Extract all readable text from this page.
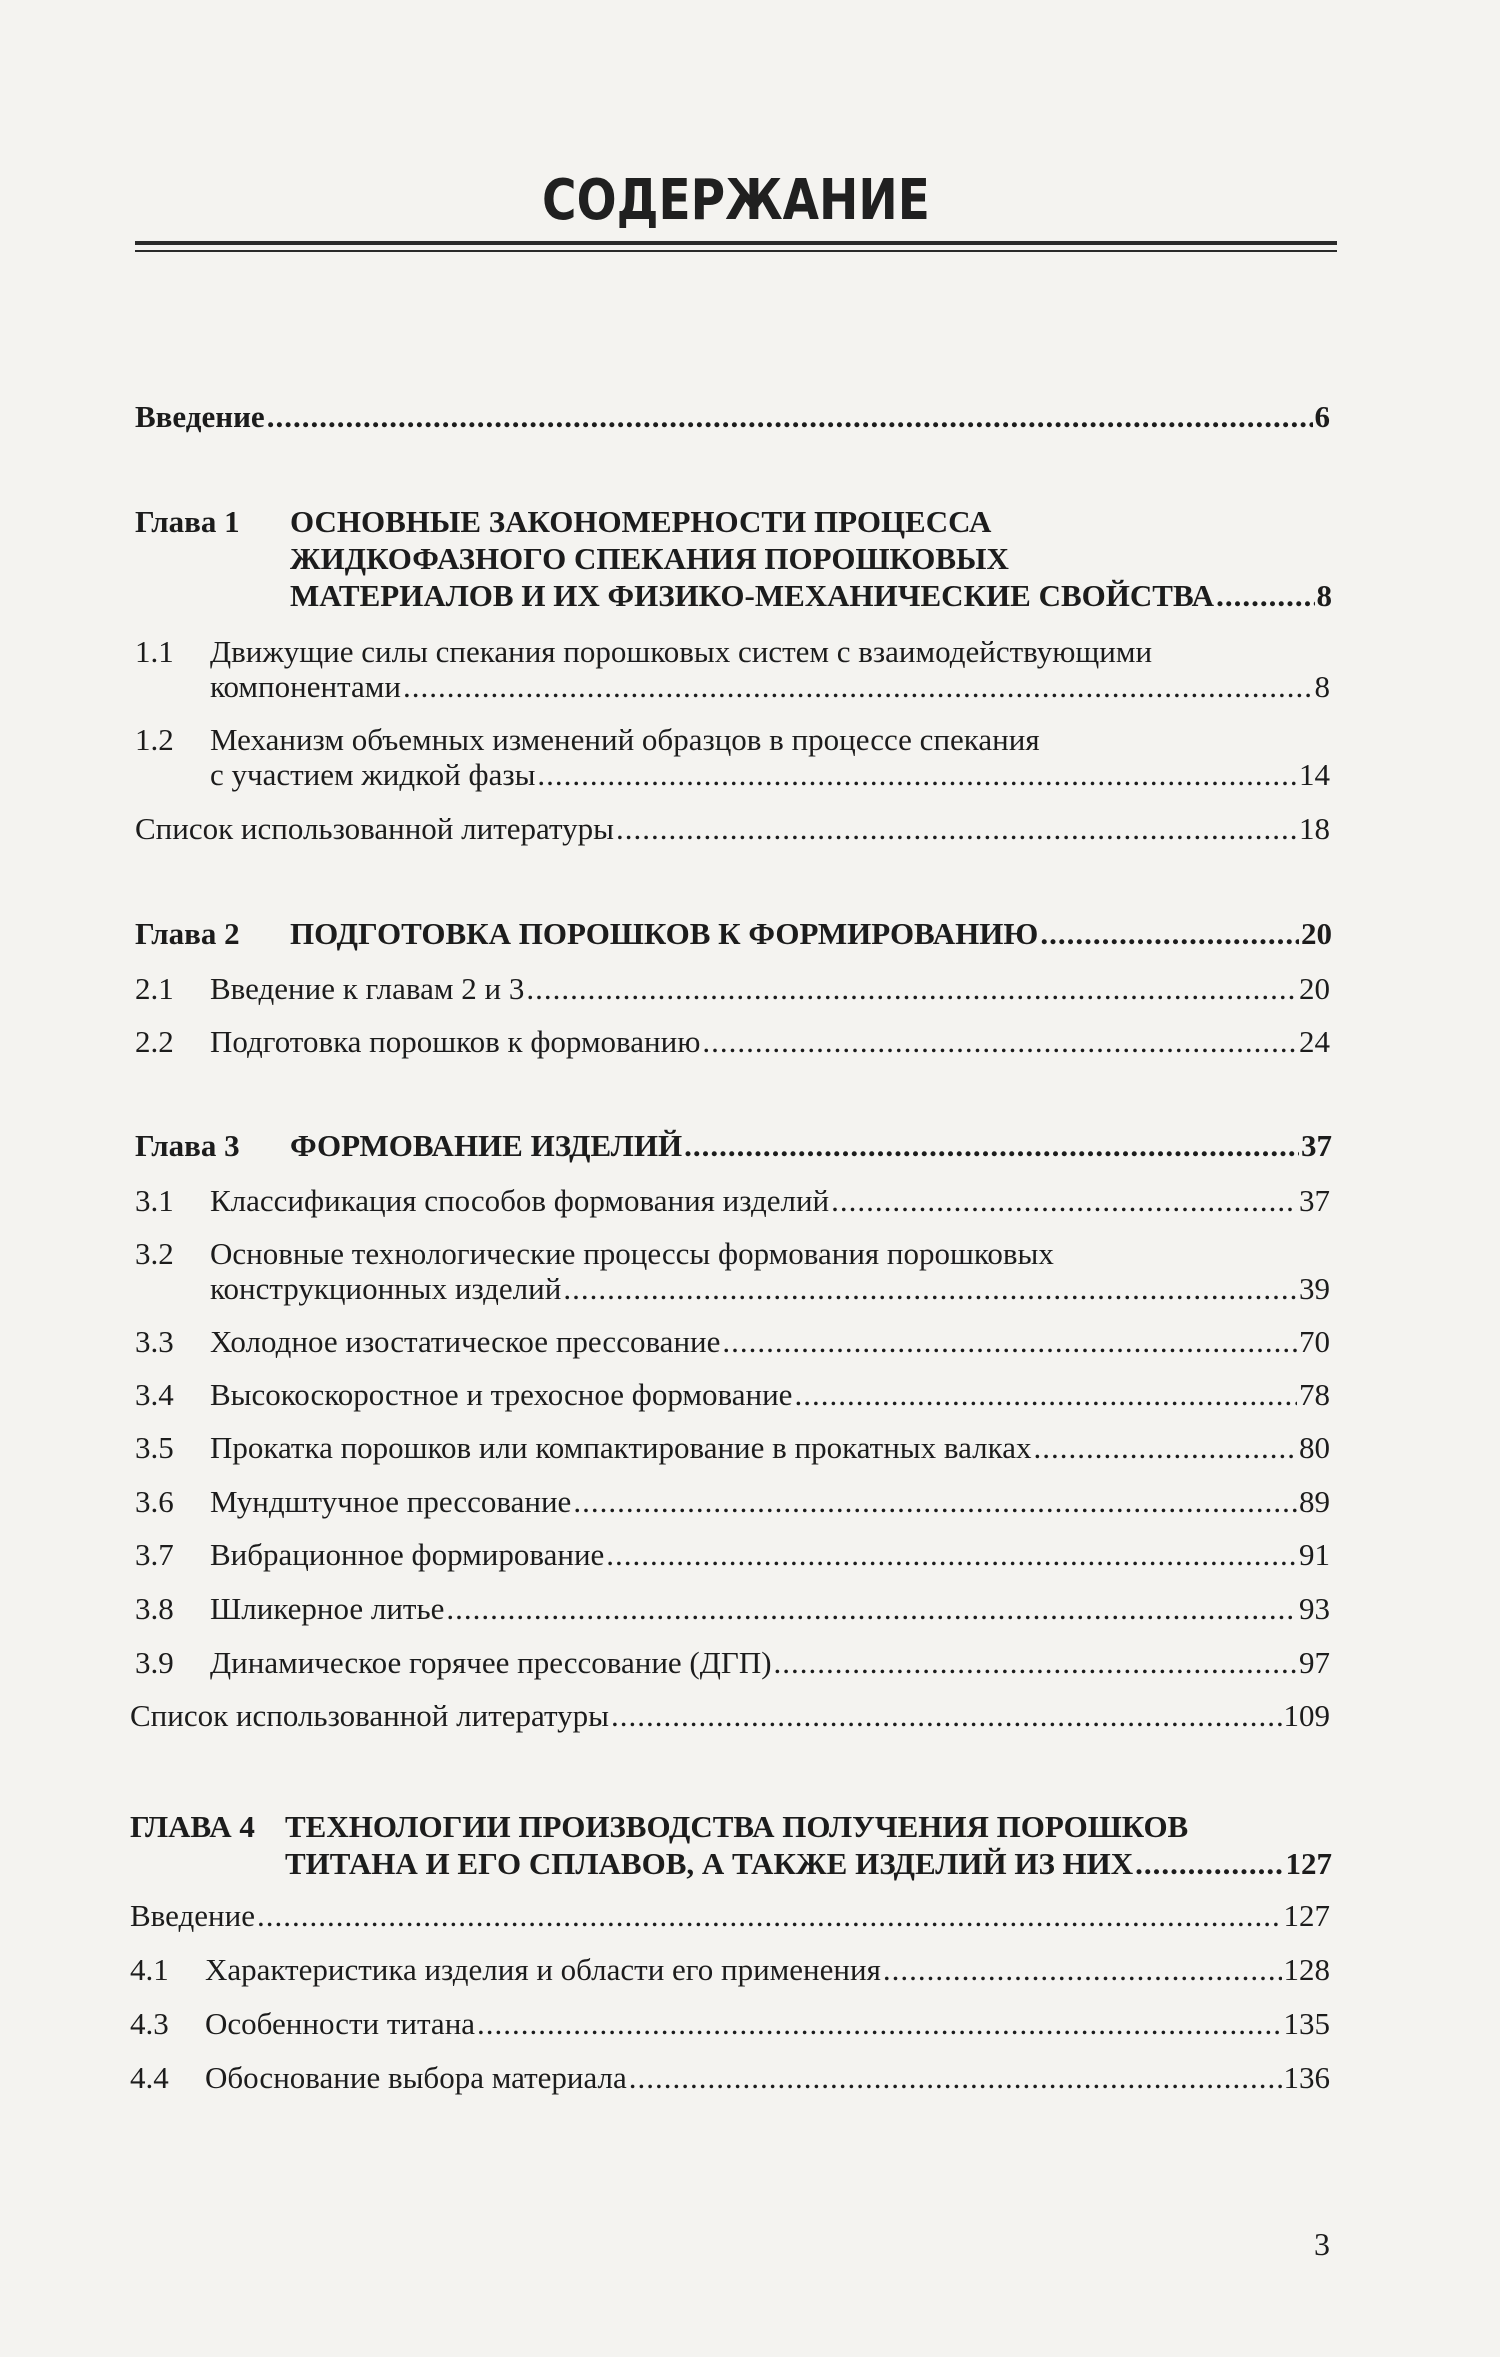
СОДЕРЖАНИЕ
Введение .....	6
Глава 1 ОСНОВНЫЕ ЗАКОНОМЕРНОСТИ ПРОЦЕССА
ЖИДКОФАЗНОГО СПЕКАНИЯ ПОРОШКОВЫХ
МАТЕРИАЛОВ И ИХ ФИЗИКО-МЕХАНИЧЕСКИЕ СВОЙСТВА .....	8
1.1 Движущие силы спекания порошковых систем с взаимодействующими
компонентами .....	8
1.2 Механизм объемных изменений образцов в процессе спекания
с участием жидкой фазы .....	14
Список использованной литературы .....	18
Глава 2 ПОДГОТОВКА ПОРОШКОВ К ФОРМИРОВАНИЮ .....	20
2.1 Введение к главам 2 и 3 .....	20
2.2 Подготовка порошков к формованию .....	24
Глава 3 ФОРМОВАНИЕ ИЗДЕЛИЙ .....	37
3.1 Классификация способов формования изделий .....	37
3.2 Основные технологические процессы формования порошковых
конструкционных изделий .....	39
3.3 Холодное изостатическое прессование .....	70
3.4 Высокоскоростное и трехосное формование .....	78
3.5 Прокатка порошков или компактирование в прокатных валках .....	80
3.6 Мундштучное прессование .....	89
3.7 Вибрационное формирование .....	91
3.8 Шликерное литье .....	93
3.9 Динамическое горячее прессование (ДГП) .....	97
Список использованной литературы .....	109
ГЛАВА 4 ТЕХНОЛОГИИ ПРОИЗВОДСТВА ПОЛУЧЕНИЯ ПОРОШКОВ
ТИТАНА И ЕГО СПЛАВОВ, А ТАКЖЕ ИЗДЕЛИЙ ИЗ НИХ .....	127
Введение .....	127
4.1 Характеристика изделия и области его применения .....	128
4.3 Особенности титана .....	135
4.4 Обоснование выбора материала .....	136
3
